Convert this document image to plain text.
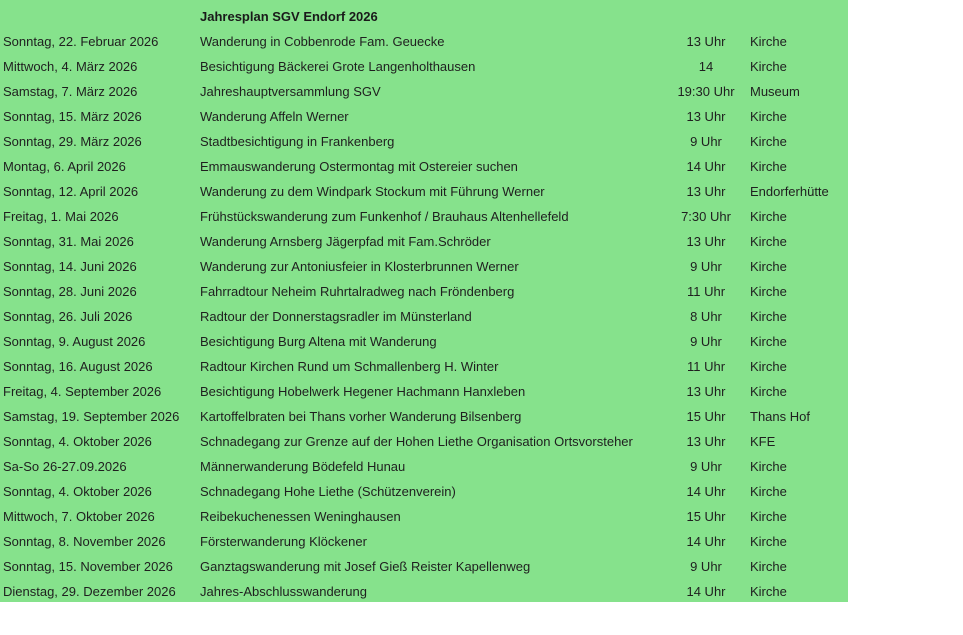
Jahresplan SGV Endorf 2026
Sonntag, 22. Februar 2026	Wanderung in Cobbenrode Fam. Geuecke	13 Uhr	Kirche
Mittwoch, 4. März 2026	Besichtigung Bäckerei Grote Langenholthausen	14	Kirche
Samstag, 7. März 2026	Jahreshauptversammlung SGV	19:30 Uhr	Museum
Sonntag, 15. März 2026	Wanderung Affeln Werner	13 Uhr	Kirche
Sonntag, 29. März 2026	Stadtbesichtigung in Frankenberg	9 Uhr	Kirche
Montag, 6. April 2026	Emmauswanderung Ostermontag mit Ostereier suchen	14 Uhr	Kirche
Sonntag, 12. April 2026	Wanderung zu dem Windpark Stockum mit Führung Werner	13 Uhr	Endorferhütte
Freitag, 1. Mai 2026	Frühstückswanderung zum Funkenhof / Brauhaus Altenhellefeld	7:30 Uhr	Kirche
Sonntag, 31. Mai 2026	Wanderung Arnsberg Jägerpfad mit Fam.Schröder	13 Uhr	Kirche
Sonntag, 14. Juni 2026	Wanderung zur Antoniusfeier in Klosterbrunnen Werner	9 Uhr	Kirche
Sonntag, 28. Juni 2026	Fahrradtour Neheim Ruhrtalradweg nach Fröndenberg	11 Uhr	Kirche
Sonntag, 26. Juli 2026	Radtour der Donnerstagsradler im Münsterland	8 Uhr	Kirche
Sonntag, 9. August 2026	Besichtigung Burg Altena mit Wanderung	9 Uhr	Kirche
Sonntag, 16. August 2026	Radtour Kirchen Rund um Schmallenberg H. Winter	11 Uhr	Kirche
Freitag, 4. September 2026	Besichtigung Hobelwerk Hegener Hachmann Hanxleben	13 Uhr	Kirche
Samstag, 19. September 2026	Kartoffelbraten bei Thans vorher Wanderung Bilsenberg	15 Uhr	Thans Hof
Sonntag, 4. Oktober 2026	Schnadegang zur Grenze auf der Hohen Liethe Organisation Ortsvorsteher	13 Uhr	KFE
Sa-So 26-27.09.2026	Männerwanderung Bödefeld Hunau	9 Uhr	Kirche
Sonntag, 4. Oktober 2026	Schnadegang Hohe Liethe (Schützenverein)	14 Uhr	Kirche
Mittwoch, 7. Oktober 2026	Reibekuchenessen Weninghausen	15 Uhr	Kirche
Sonntag, 8. November 2026	Försterwanderung Klöckener	14 Uhr	Kirche
Sonntag, 15. November 2026	Ganztagswanderung mit Josef Gieß Reister Kapellenweg	9 Uhr	Kirche
Dienstag, 29. Dezember 2026	Jahres-Abschlusswanderung	14 Uhr	Kirche
